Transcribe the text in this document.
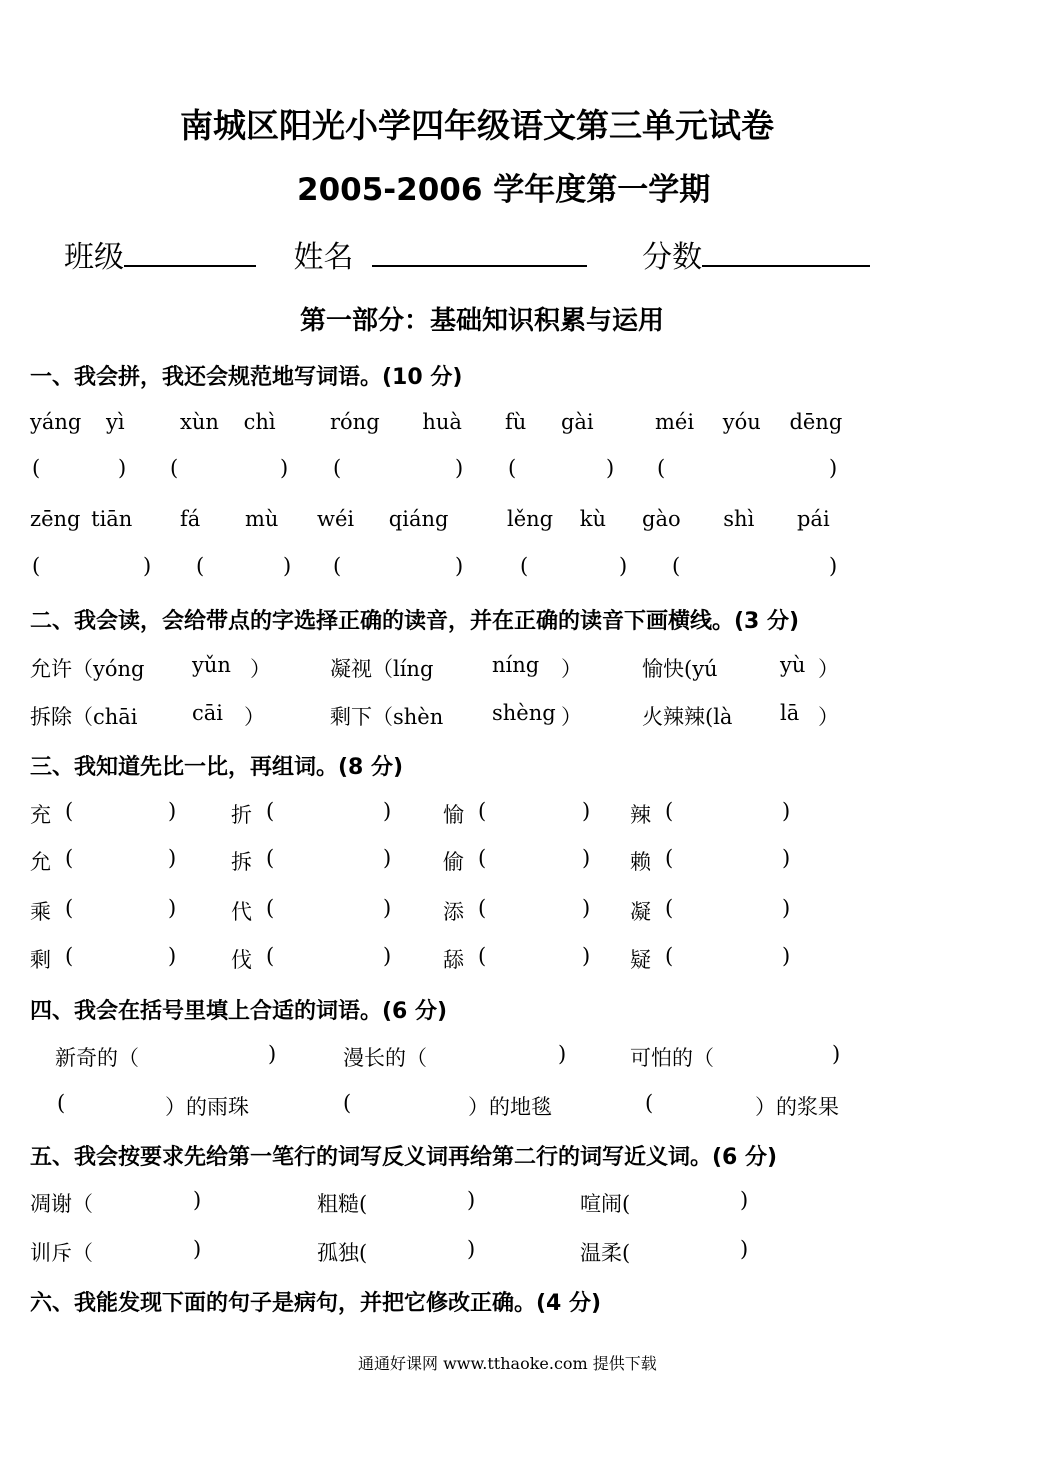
南城区阳光小学四年级语文第三单元试卷
2005-2006 学年度第一学期
班级	姓名	分数
第一部分：基础知识积累与运用
一、我会拼，我还会规范地写词语。(10 分)
yáng yì	xùn chì	róng huà fù gài	méi yóu dēng
(	) (	) (	) (	) (	)
zēng tiān fá mù wéi qiáng	lěng kù gào shì pái
(	) (	) (	)	(	) (	)
二、我会读，会给带点的字选择正确的读音，并在正确的读音下画横线。(3 分)
允许（yóng yǔn ）	凝视（líng	níng ）	愉快(yú	yù ）
拆除（chāi	cāi ）	剩下（shèn shèng ）	火辣辣(là lā ）
三、我知道先比一比，再组词。(8 分)
充 (	)	折 (	) 愉 (	) 辣 (	)
允 (	)	拆 (	) 偷 (	) 赖 (	)
乘 (	)	代 (	) 添 (	) 凝 (	)
剩 (	)	伐 (	) 舔 (	) 疑 (	)
四、我会在括号里填上合适的词语。(6 分)
新奇的（	)	漫长的（	)	可怕的（	)
(	）的雨珠	(	）的地毯	(	）的浆果
五、我会按要求先给第一笔行的词写反义词再给第二行的词写近义词。(6 分)
凋谢（	)	粗糙(	)	喧闹(	)
训斥（	)	孤独(	)	温柔(	)
六、我能发现下面的句子是病句，并把它修改正确。(4 分)
通通好课网 www.tthaoke.com 提供下载
